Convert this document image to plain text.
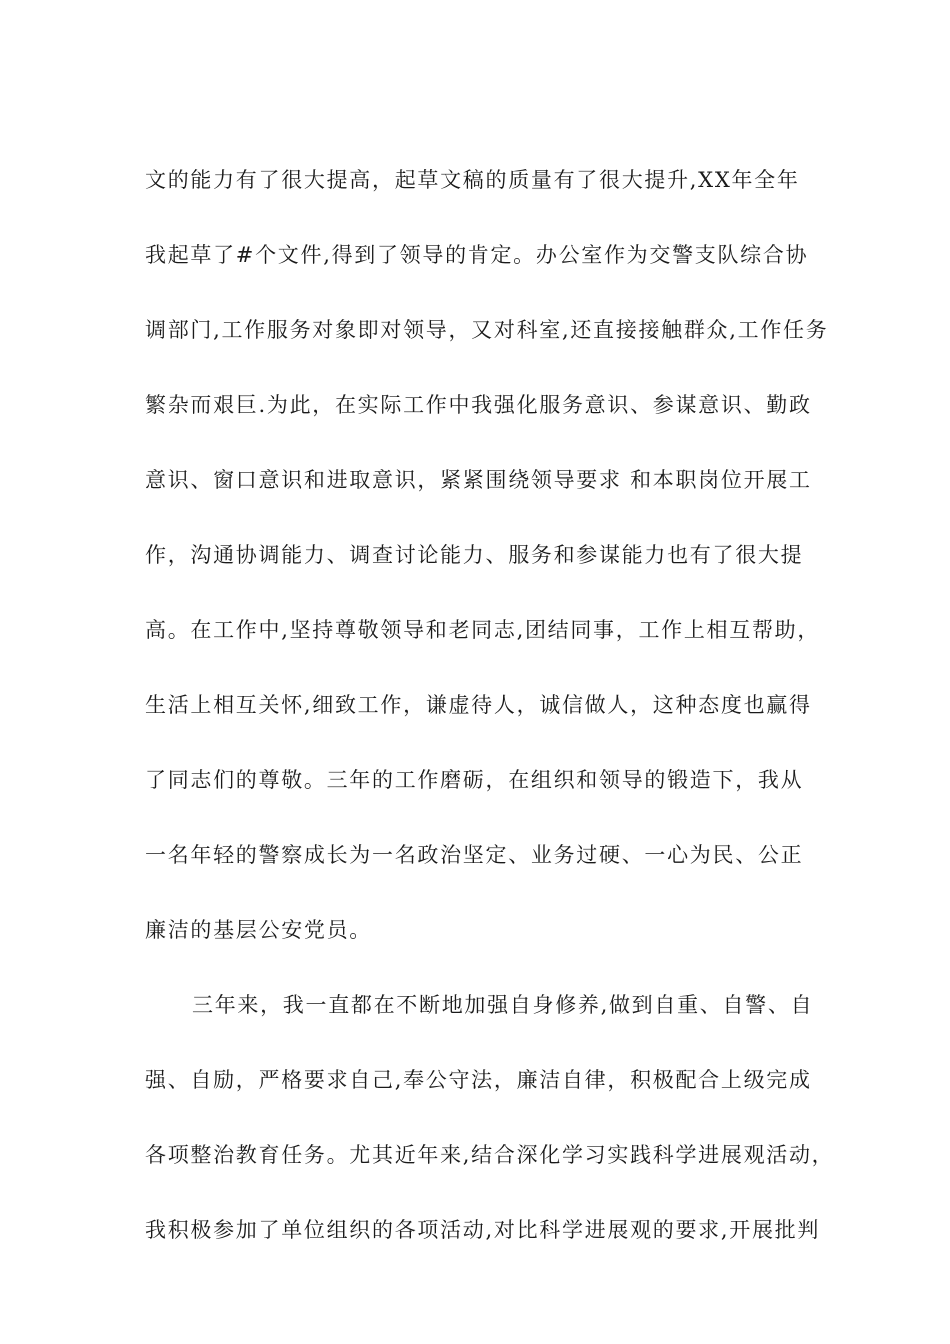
文的能力有了很大提高，起草文稿的质量有了很大提升,XX年全年
我起草了#个文件,得到了领导的肯定。办公室作为交警支队综合协
调部门,工作服务对象即对领导，又对科室,还直接接触群众,工作任务
繁杂而艰巨.为此，在实际工作中我强化服务意识、参谋意识、勤政
意识、窗口意识和进取意识，紧紧围绕领导要求 和本职岗位开展工
作，沟通协调能力、调查讨论能力、服务和参谋能力也有了很大提
高。在工作中,坚持尊敬领导和老同志,团结同事，工作上相互帮助，
生活上相互关怀,细致工作，谦虚待人，诚信做人，这种态度也赢得
了同志们的尊敬。三年的工作磨砺，在组织和领导的锻造下，我从
一名年轻的警察成长为一名政治坚定、业务过硬、一心为民、公正
廉洁的基层公安党员。
三年来，我一直都在不断地加强自身修养,做到自重、自警、自
强、自励，严格要求自己,奉公守法，廉洁自律，积极配合上级完成
各项整治教育任务。尤其近年来,结合深化学习实践科学进展观活动，
我积极参加了单位组织的各项活动,对比科学进展观的要求,开展批判
